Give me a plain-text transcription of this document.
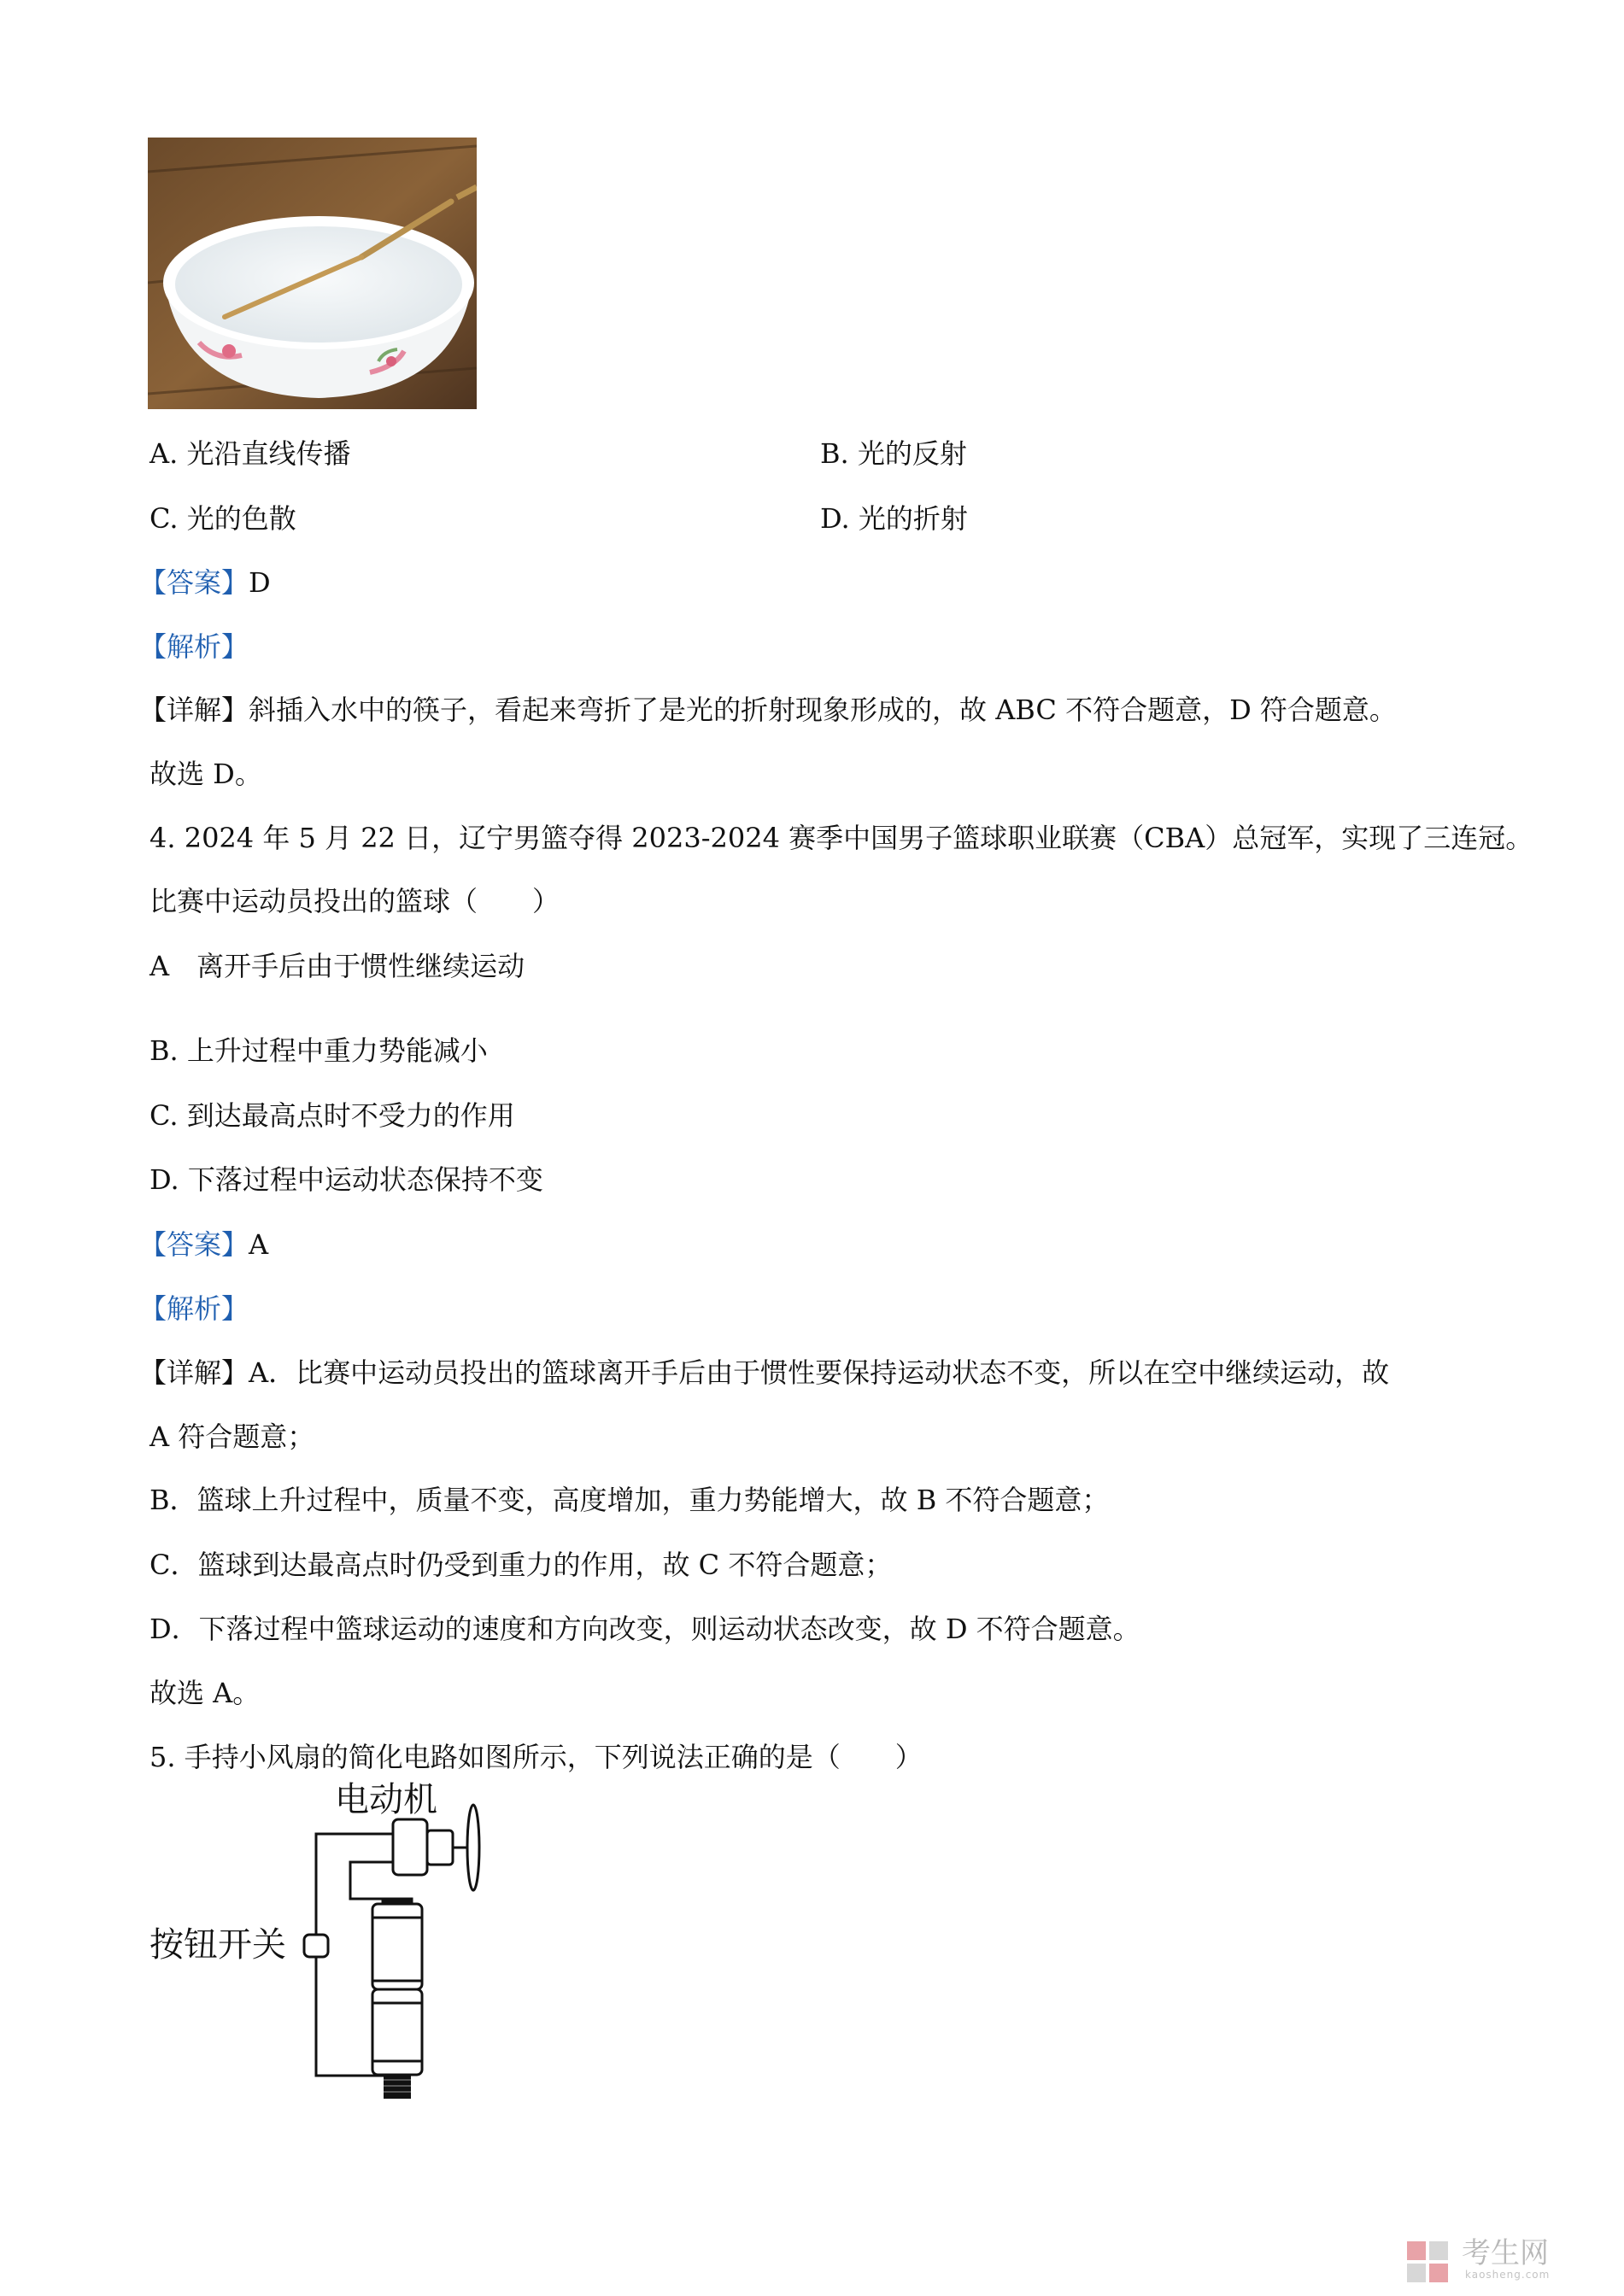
A. 光沿直线传播	B. 光的反射
C. 光的色散	D. 光的折射
【答案】D
【解析】
【详解】斜插入水中的筷子，看起来弯折了是光的折射现象形成的，故 ABC 不符合题意，D 符合题意。
故选 D。
4. 2024 年 5 月 22 日，辽宁男篮夺得 2023-2024 赛季中国男子篮球职业联赛（CBA）总冠军，实现了三连冠。
比赛中运动员投出的篮球（　　）
A　离开手后由于惯性继续运动
B. 上升过程中重力势能减小
C. 到达最高点时不受力的作用
D. 下落过程中运动状态保持不变
【答案】A
【解析】
【详解】A．比赛中运动员投出的篮球离开手后由于惯性要保持运动状态不变，所以在空中继续运动，故
A 符合题意；
B．篮球上升过程中，质量不变，高度增加，重力势能增大，故 B 不符合题意；
C．篮球到达最高点时仍受到重力的作用，故 C 不符合题意；
D．下落过程中篮球运动的速度和方向改变，则运动状态改变，故 D 不符合题意。
故选 A。
5. 手持小风扇的简化电路如图所示，下列说法正确的是（　　）
电动机
按钮开关
考生网
kaosheng.com
